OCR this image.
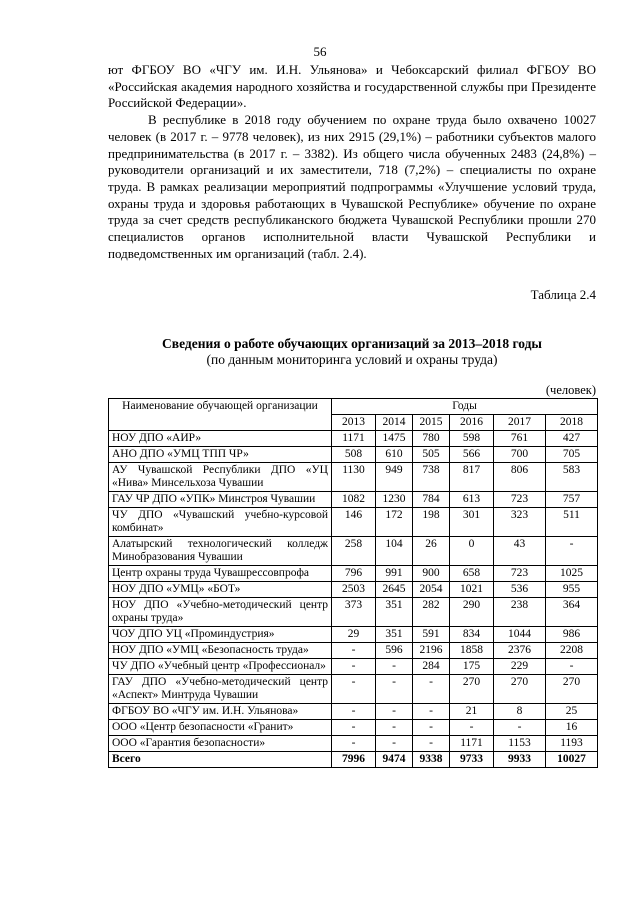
56

ют ФГБОУ ВО «ЧГУ им. И.Н. Ульянова» и Чебоксарский филиал ФГБОУ ВО «Российская академия народного хозяйства и государственной службы при Президенте Российской Федерации».

В республике в 2018 году обучением по охране труда было охвачено 10027 человек (в 2017 г. – 9778 человек), из них 2915 (29,1%) – работники субъектов малого предпринимательства (в 2017 г. – 3382). Из общего числа обученных 2483 (24,8%) – руководители организаций и их заместители, 718 (7,2%) – специалисты по охране труда. В рамках реализации мероприятий подпрограммы «Улучшение условий труда, охраны труда и здоровья работающих в Чувашской Республике» обучение по охране труда за счет средств республиканского бюджета Чувашской Республики прошли 270 специалистов органов исполнительной власти Чувашской Республики и подведомственных им организаций (табл. 2.4).

Таблица 2.4
Сведения о работе обучающих организаций за 2013–2018 годы
(по данным мониторинга условий и охраны труда)
(человек)
Наименование обучающей организации	Годы					
	2013	2014	2015	2016	2017	2018
НОУ ДПО «АИР»	1171	1475	780	598	761	427
АНО ДПО «УМЦ ТПП ЧР»	508	610	505	566	700	705
АУ Чувашской Республики ДПО «УЦ «Нива» Минсельхоза Чувашии	1130	949	738	817	806	583
ГАУ ЧР ДПО «УПК» Минстроя Чувашии	1082	1230	784	613	723	757
ЧУ ДПО «Чувашский учебно-курсовой комбинат»	146	172	198	301	323	511
Алатырский технологический колледж Минобразования Чувашии	258	104	26	0	43	-
Центр охраны труда Чувашрессовпрофа	796	991	900	658	723	1025
НОУ ДПО «УМЦ» «БОТ»	2503	2645	2054	1021	536	955
НОУ ДПО «Учебно-методический центр охраны труда»	373	351	282	290	238	364
ЧОУ ДПО УЦ «Проминдустрия»	29	351	591	834	1044	986
НОУ ДПО «УМЦ «Безопасность труда»	-	596	2196	1858	2376	2208
ЧУ ДПО «Учебный центр «Профессионал»	-	-	284	175	229	-
ГАУ ДПО «Учебно-методический центр «Аспект» Минтруда Чувашии	-	-	-	270	270	270
ФГБОУ ВО «ЧГУ им. И.Н. Ульянова»	-	-	-	21	8	25
ООО «Центр безопасности «Гранит»	-	-	-	-	-	16
ООО «Гарантия безопасности»	-	-	-	1171	1153	1193
Всего	7996	9474	9338	9733	9933	10027
